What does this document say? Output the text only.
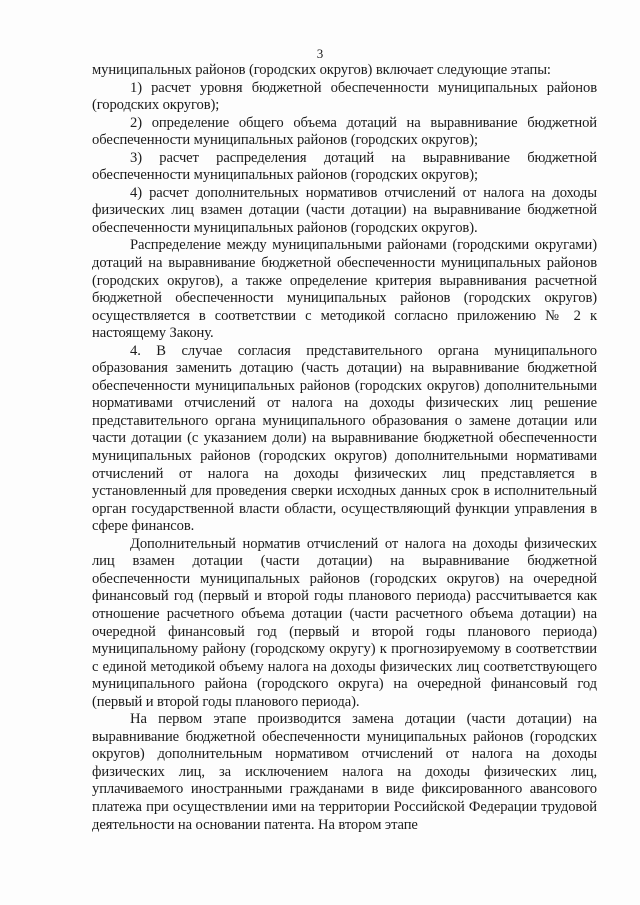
3

муниципальных районов (городских округов) включает следующие этапы:

1) расчет уровня бюджетной обеспеченности муниципальных районов (городских округов);

2) определение общего объема дотаций на выравнивание бюджетной обеспеченности муниципальных районов (городских округов);

3) расчет распределения дотаций на выравнивание бюджетной обеспеченности муниципальных районов (городских округов);

4) расчет дополнительных нормативов отчислений от налога на доходы физических лиц взамен дотации (части дотации) на выравнивание бюджетной обеспеченности муниципальных районов (городских округов).

Распределение между муниципальными районами (городскими округами) дотаций на выравнивание бюджетной обеспеченности муниципальных районов (городских округов), а также определение критерия выравнивания расчетной бюджетной обеспеченности муниципальных районов (городских округов) осуществляется в соответствии с методикой согласно приложению № 2 к настоящему Закону.

4. В случае согласия представительного органа муниципального образования заменить дотацию (часть дотации) на выравнивание бюджетной обеспеченности муниципальных районов (городских округов) дополнительными нормативами отчислений от налога на доходы физических лиц решение представительного органа муниципального образования о замене дотации или части дотации (с указанием доли) на выравнивание бюджетной обеспеченности муниципальных районов (городских округов) дополнительными нормативами отчислений от налога на доходы физических лиц представляется в установленный для проведения сверки исходных данных срок в исполнительный орган государственной власти области, осуществляющий функции управления в сфере финансов.

Дополнительный норматив отчислений от налога на доходы физических лиц взамен дотации (части дотации) на выравнивание бюджетной обеспеченности муниципальных районов (городских округов) на очередной финансовый год (первый и второй годы планового периода) рассчитывается как отношение расчетного объема дотации (части расчетного объема дотации) на очередной финансовый год (первый и второй годы планового периода) муниципальному району (городскому округу) к прогнозируемому в соответствии с единой методикой объему налога на доходы физических лиц соответствующего муниципального района (городского округа) на очередной финансовый год (первый и второй годы планового периода).

На первом этапе производится замена дотации (части дотации) на выравнивание бюджетной обеспеченности муниципальных районов (городских округов) дополнительным нормативом отчислений от налога на доходы физических лиц, за исключением налога на доходы физических лиц, уплачиваемого иностранными гражданами в виде фиксированного авансового платежа при осуществлении ими на территории Российской Федерации трудовой деятельности на основании патента. На втором этапе
